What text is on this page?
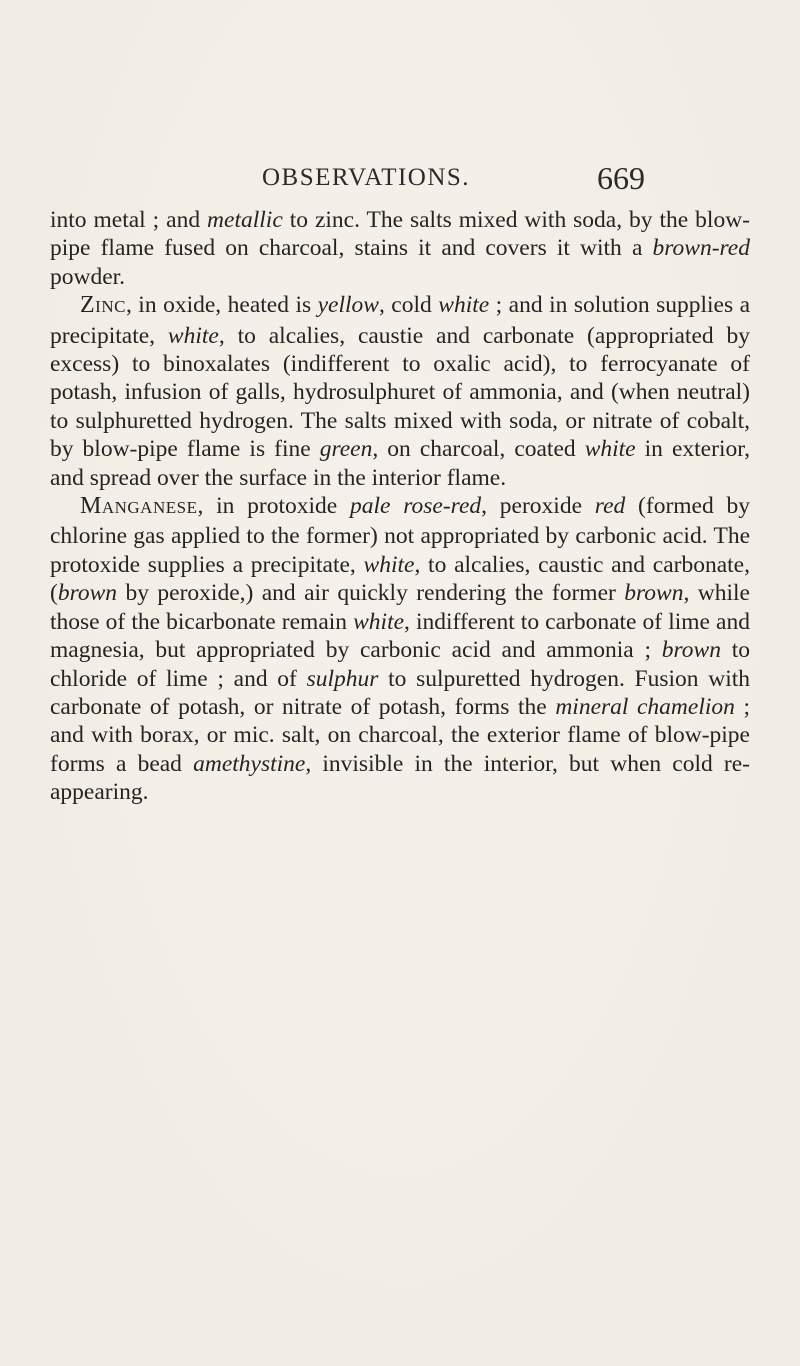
OBSERVATIONS.	669

into metal ; and metallic to zinc. The salts mixed with soda, by the blow-pipe flame fused on charcoal, stains it and covers it with a brown-red powder.

ZINC, in oxide, heated is yellow, cold white ; and in solution supplies a precipitate, white, to alcalies, caustie and carbonate (appropriated by excess) to binoxalates (indifferent to oxalic acid), to ferrocyanate of potash, infusion of galls, hydrosulphuret of ammonia, and (when neutral) to sulphuretted hydrogen. The salts mixed with soda, or nitrate of cobalt, by blow-pipe flame is fine green, on charcoal, coated white in exterior, and spread over the surface in the interior flame.

MANGANESE, in protoxide pale rose-red, peroxide red (formed by chlorine gas applied to the former) not appropriated by carbonic acid. The protoxide supplies a precipitate, white, to alcalies, caustic and carbonate, (brown by peroxide,) and air quickly rendering the former brown, while those of the bicarbonate remain white, indifferent to carbonate of lime and magnesia, but appropriated by carbonic acid and ammonia ; brown to chloride of lime ; and of sulphur to sulpuretted hydrogen. Fusion with carbonate of potash, or nitrate of potash, forms the mineral chamelion ; and with borax, or mic. salt, on charcoal, the exterior flame of blow-pipe forms a bead amethystine, invisible in the interior, but when cold re-appearing.
